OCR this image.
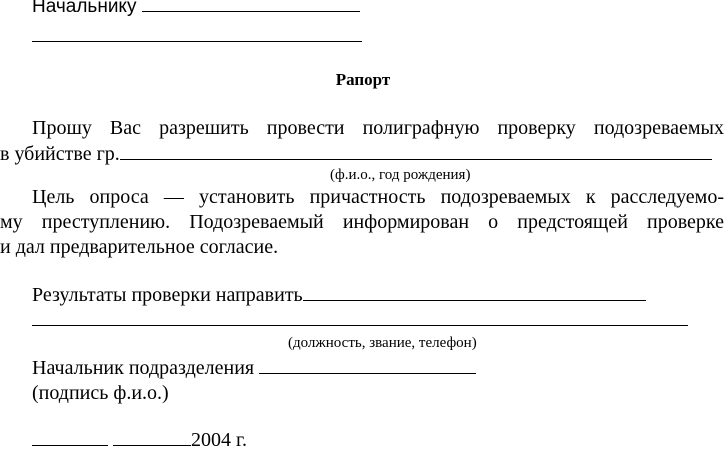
Начальнику
Рапорт
Прошу Вас разрешить провести полиграфную проверку подозреваемых
в убийстве гр.
(ф.и.о., год рождения)
Цель опроса — установить причастность подозреваемых к расследуемо-
му преступлению. Подозреваемый информирован о предстоящей проверке
и дал предварительное согласие.
Результаты проверки направить
(должность, звание, телефон)
Начальник подразделения
(подпись ф.и.о.)
2004 г.
